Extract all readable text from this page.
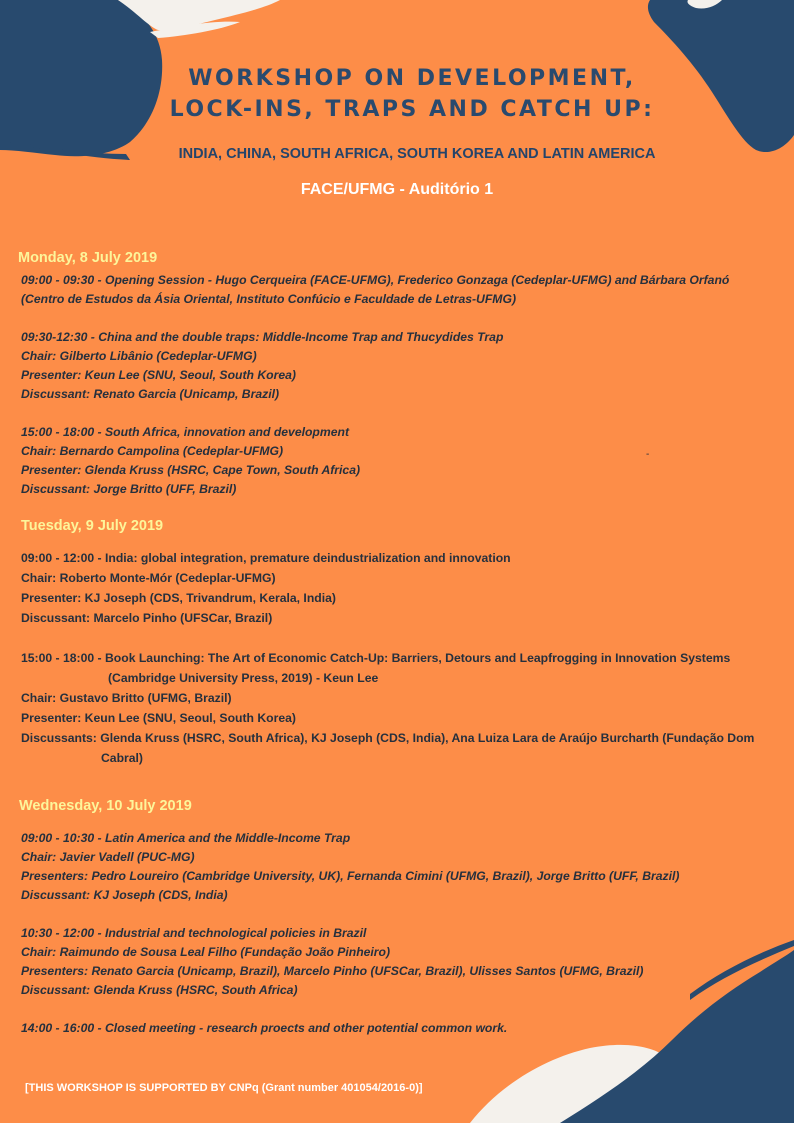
WORKSHOP ON DEVELOPMENT,
LOCK-INS, TRAPS AND CATCH UP:
INDIA, CHINA, SOUTH AFRICA, SOUTH KOREA AND LATIN AMERICA
FACE/UFMG - Auditório 1
Monday, 8 July 2019
09:00 - 09:30 - Opening Session - Hugo Cerqueira (FACE-UFMG), Frederico Gonzaga (Cedeplar-UFMG) and Bárbara Orfanó
(Centro de Estudos da Ásia Oriental, Instituto Confúcio e Faculdade de Letras-UFMG)
09:30-12:30 - China and the double traps: Middle-Income Trap and Thucydides Trap
Chair: Gilberto Libânio (Cedeplar-UFMG)
Presenter: Keun Lee (SNU, Seoul, South Korea)
Discussant: Renato Garcia (Unicamp, Brazil)
15:00 - 18:00 - South Africa, innovation and development
Chair: Bernardo Campolina (Cedeplar-UFMG)
Presenter: Glenda Kruss (HSRC, Cape Town, South Africa)
Discussant: Jorge Britto (UFF, Brazil)
-
Tuesday, 9 July 2019
09:00 - 12:00 - India: global integration, premature deindustrialization and innovation
Chair: Roberto Monte-Mór (Cedeplar-UFMG)
Presenter: KJ Joseph (CDS, Trivandrum, Kerala, India)
Discussant: Marcelo Pinho (UFSCar, Brazil)
15:00 - 18:00 - Book Launching: The Art of Economic Catch-Up: Barriers, Detours and Leapfrogging in Innovation Systems
(Cambridge University Press, 2019) - Keun Lee
Chair: Gustavo Britto (UFMG, Brazil)
Presenter: Keun Lee (SNU, Seoul, South Korea)
Discussants: Glenda Kruss (HSRC, South Africa), KJ Joseph (CDS, India), Ana Luiza Lara de Araújo Burcharth (Fundação Dom
Cabral)
Wednesday, 10 July 2019
09:00 - 10:30 - Latin America and the Middle-Income Trap
Chair: Javier Vadell (PUC-MG)
Presenters: Pedro Loureiro (Cambridge University, UK), Fernanda Cimini (UFMG, Brazil), Jorge Britto (UFF, Brazil)
Discussant: KJ Joseph (CDS, India)
10:30 - 12:00 - Industrial and technological policies in Brazil
Chair: Raimundo de Sousa Leal Filho (Fundação João Pinheiro)
Presenters: Renato Garcia (Unicamp, Brazil), Marcelo Pinho (UFSCar, Brazil), Ulisses Santos (UFMG, Brazil)
Discussant: Glenda Kruss (HSRC, South Africa)
14:00 - 16:00 - Closed meeting - research proects and other potential common work.
[THIS WORKSHOP IS SUPPORTED BY CNPq (Grant number 401054/2016-0)]
